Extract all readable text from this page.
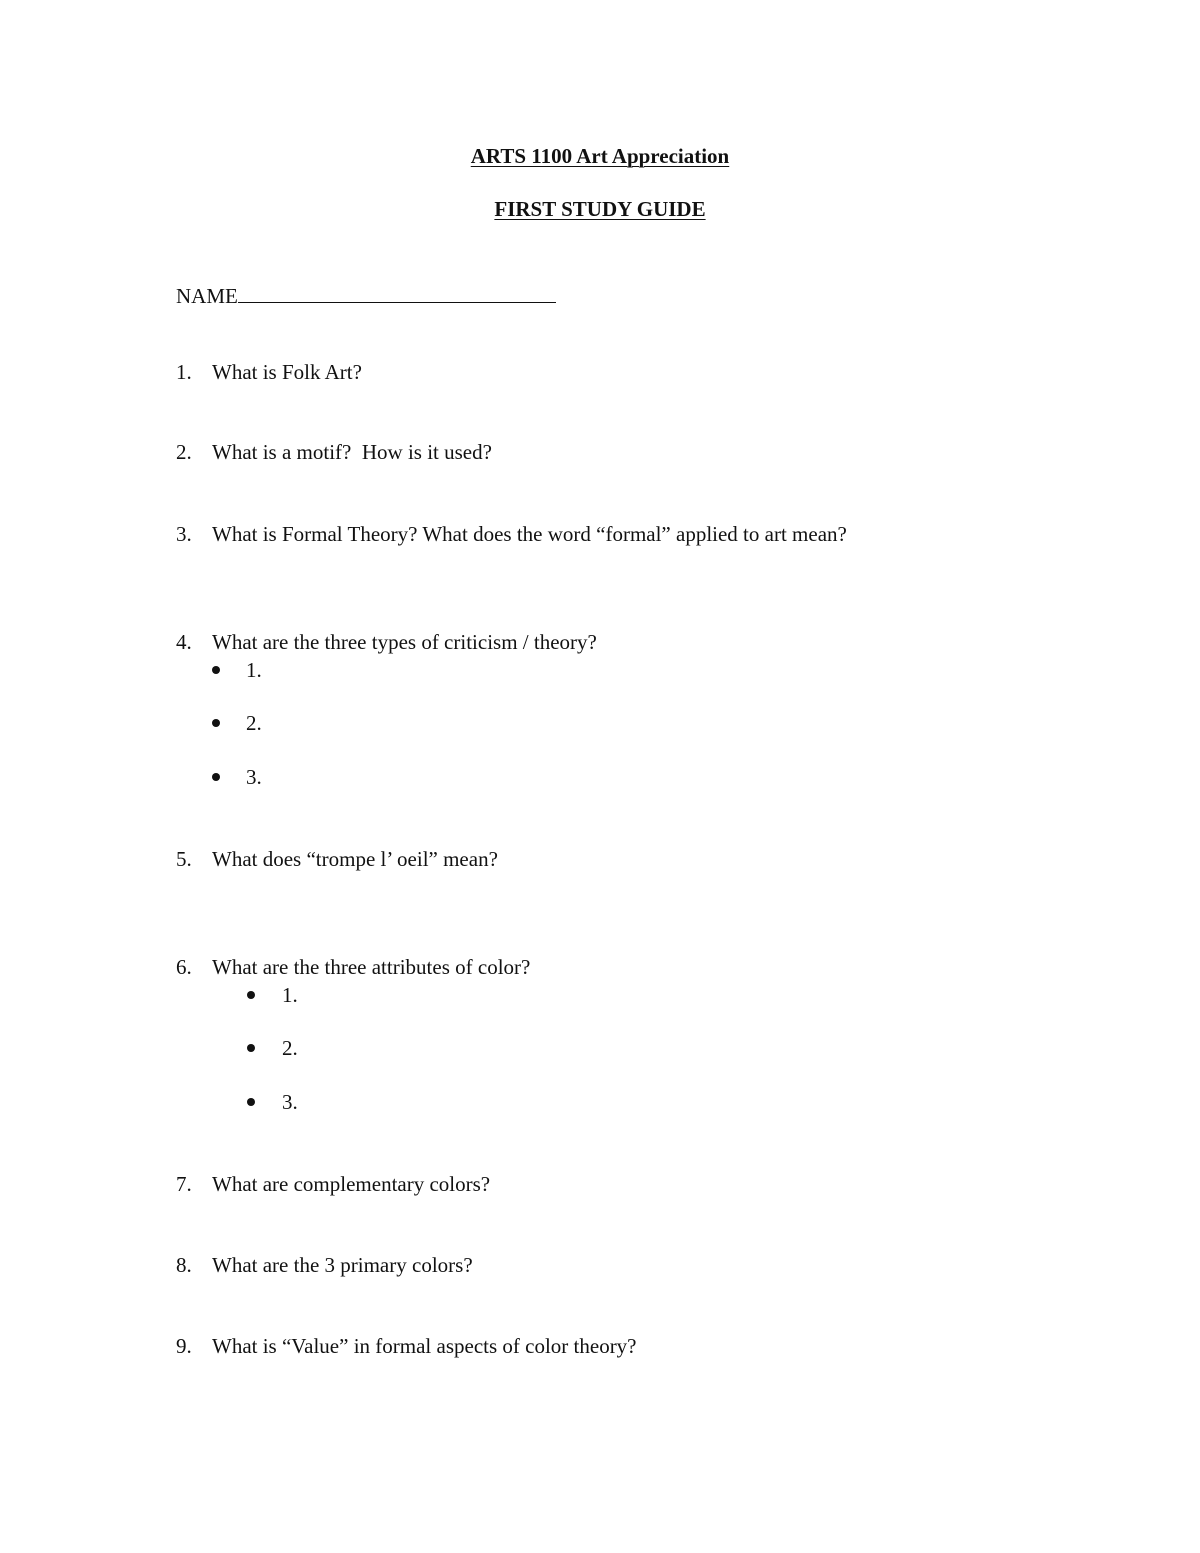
ARTS 1100 Art Appreciation
FIRST STUDY GUIDE
NAME
1. What is Folk Art?
2. What is a motif?  How is it used?
3. What is Formal Theory? What does the word “formal” applied to art mean?
4. What are the three types of criticism / theory?
1.
2.
3.
5. What does “trompe l’ oeil” mean?
6. What are the three attributes of color?
1.
2.
3.
7. What are complementary colors?
8. What are the 3 primary colors?
9. What is “Value” in formal aspects of color theory?
